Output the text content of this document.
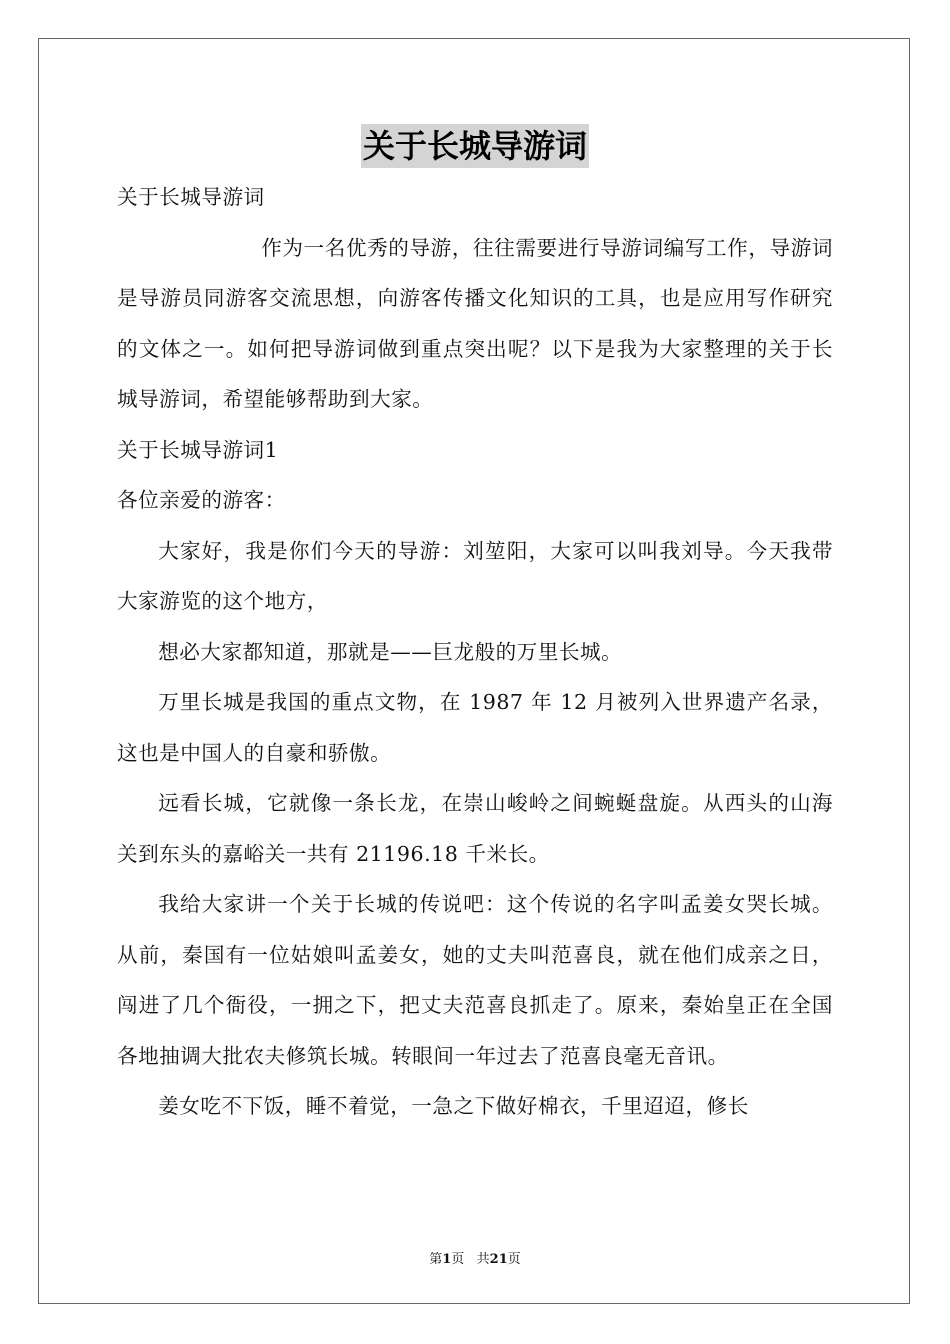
关于长城导游词

关于长城导游词

作为一名优秀的导游，往往需要进行导游词编写工作，导游词是导游员同游客交流思想，向游客传播文化知识的工具，也是应用写作研究的文体之一。如何把导游词做到重点突出呢？以下是我为大家整理的关于长城导游词，希望能够帮助到大家。

关于长城导游词1

各位亲爱的游客：

大家好，我是你们今天的导游：刘堃阳，大家可以叫我刘导。今天我带大家游览的这个地方，

想必大家都知道，那就是——巨龙般的万里长城。

万里长城是我国的重点文物，在 1987 年 12 月被列入世界遗产名录，这也是中国人的自豪和骄傲。

远看长城，它就像一条长龙，在崇山峻岭之间蜿蜒盘旋。从西头的山海关到东头的嘉峪关一共有 21196.18 千米长。

我给大家讲一个关于长城的传说吧：这个传说的名字叫孟姜女哭长城。从前，秦国有一位姑娘叫孟姜女，她的丈夫叫范喜良，就在他们成亲之日，闯进了几个衙役，一拥之下，把丈夫范喜良抓走了。原来，秦始皇正在全国各地抽调大批农夫修筑长城。转眼间一年过去了范喜良毫无音讯。

姜女吃不下饭，睡不着觉，一急之下做好棉衣，千里迢迢，修长

第1页   共21页
